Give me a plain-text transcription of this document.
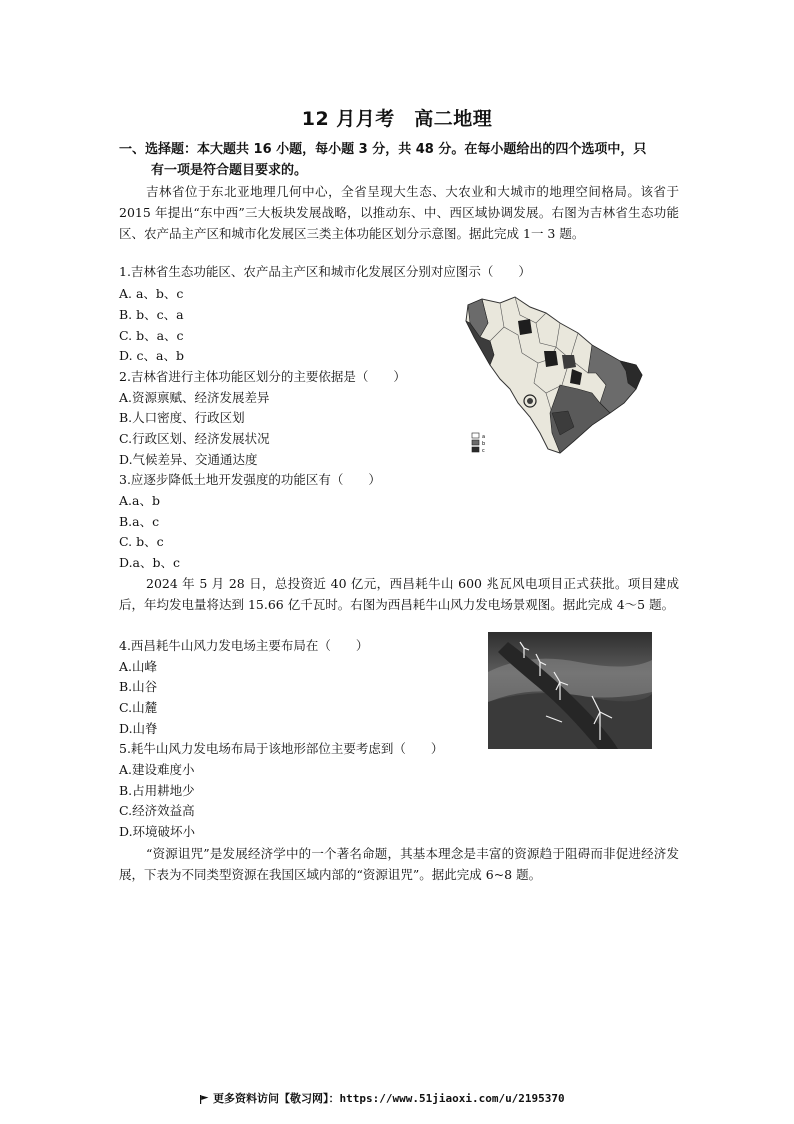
12 月月考　高二地理
一、选择题：本大题共 16 小题，每小题 3 分，共 48 分。在每小题给出的四个选项中，只
有一项是符合题目要求的。
吉林省位于东北亚地理几何中心，全省呈现大生态、大农业和大城市的地理空间格局。该省于 2015 年提出“东中西”三大板块发展战略，以推动东、中、西区域协调发展。右图为吉林省生态功能区、农产品主产区和城市化发展区三类主体功能区划分示意图。据此完成 1一 3 题。
1.吉林省生态功能区、农产品主产区和城市化发展区分别对应图示（　　）
A. a、b、c
B. b、c、a
C. b、a、c
D. c、a、b
2.吉林省进行主体功能区划分的主要依据是（　　）
A.资源禀赋、经济发展差异
B.人口密度、行政区划
C.行政区划、经济发展状况
D.气候差异、交通通达度
3.应逐步降低土地开发强度的功能区有（　　）
A.a、b
B.a、c
C. b、c
D.a、b、c
a
b
c
2024 年 5 月 28 日，总投资近 40 亿元，西昌耗牛山 600 兆瓦风电项目正式获批。项目建成后，年均发电量将达到 15.66 亿千瓦时。右图为西昌耗牛山风力发电场景观图。据此完成 4～5 题。
4.西昌耗牛山风力发电场主要布局在（　　）
A.山峰
B.山谷
C.山麓
D.山脊
5.耗牛山风力发电场布局于该地形部位主要考虑到（　　）
A.建设难度小
B.占用耕地少
C.经济效益高
D.环境破坏小
“资源诅咒”是发展经济学中的一个著名命题，其基本理念是丰富的资源趋于阻碍而非促进经济发展，下表为不同类型资源在我国区域内部的“资源诅咒”。据此完成 6~8 题。
更多资料访问【敬习网】：https://www.51jiaoxi.com/u/2195370
